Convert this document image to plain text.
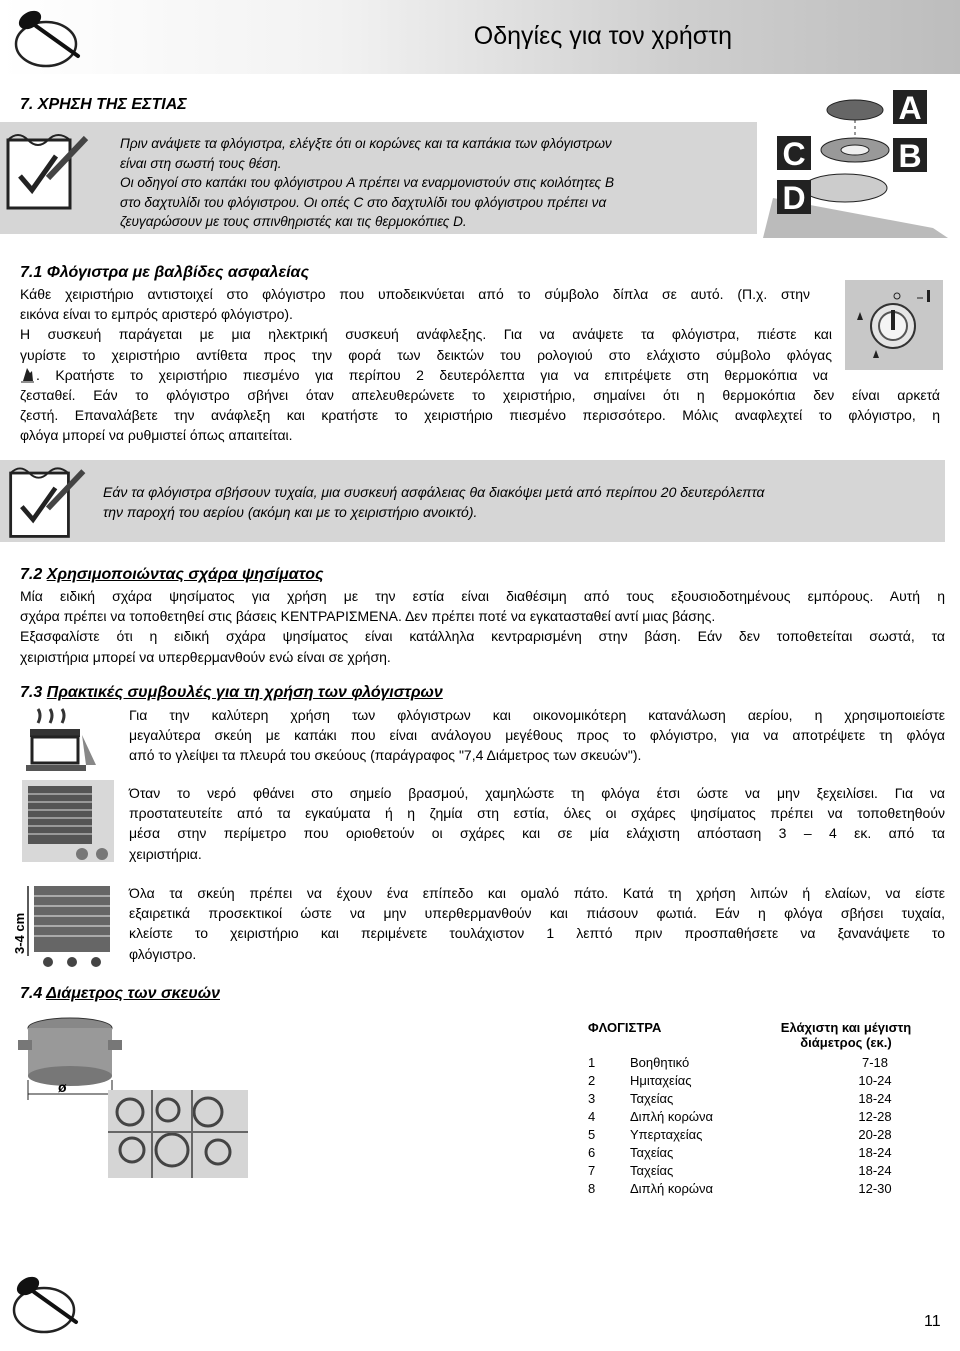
Οδηγίες για τον χρήστη
7. ΧΡΗΣΗ ΤΗΣ ΕΣΤΙΑΣ
Πριν ανάψετε τα φλόγιστρα, ελέγξτε ότι οι κορώνες και τα καπάκια των φλόγιστρων
είναι στη σωστή τους θέση.
Οι οδηγοί στο καπάκι του φλόγιστρου A πρέπει να εναρμονιστούν στις κοιλότητες B
στο δαχτυλίδι του φλόγιστρου. Οι οπές C στο δαχτυλίδι του φλόγιστρου πρέπει να
ζευγαρώσουν με τους σπινθηριστές και τις θερμοκόπιες D.
A
B
C
D
7.1 Φλόγιστρα με βαλβίδες ασφαλείας
Κάθε χειριστήριο αντιστοιχεί στο φλόγιστρο που υποδεικνύεται από το σύμβολο δίπλα σε αυτό. (Π.χ. στην
εικόνα είναι το εμπρός αριστερό φλόγιστρο).
Η συσκευή παράγεται με μια ηλεκτρική συσκευή ανάφλεξης. Για να ανάψετε τα φλόγιστρα, πιέστε και
γυρίστε το χειριστήριο αντίθετα προς την φορά των δεικτών του ρολογιού στο ελάχιστο σύμβολο φλόγας
. Κρατήστε το χειριστήριο πιεσμένο για περίπου 2 δευτερόλεπτα για να επιτρέψετε στη θερμοκόπια να
ζεσταθεί. Εάν το φλόγιστρο σβήνει όταν απελευθερώνετε το χειριστήριο, σημαίνει ότι η θερμοκόπια δεν είναι αρκετά
ζεστή. Επαναλάβετε την ανάφλεξη και κρατήστε το χειριστήριο πιεσμένο περισσότερο. Μόλις αναφλεχτεί το φλόγιστρο, η
φλόγα μπορεί να ρυθμιστεί όπως απαιτείται.
Εάν τα φλόγιστρα σβήσουν τυχαία, μια συσκευή ασφάλειας θα διακόψει μετά από περίπου 20 δευτερόλεπτα
την παροχή του αερίου (ακόμη και με το χειριστήριο ανοικτό).
7.2 Χρησιμοποιώντας σχάρα ψησίματος
Μία ειδική σχάρα ψησίματος για χρήση με την εστία είναι διαθέσιμη από τους εξουσιοδοτημένους εμπόρους. Αυτή η
σχάρα πρέπει να τοποθετηθεί στις βάσεις ΚΕΝΤΡΑΡΙΣΜΕΝΑ. Δεν πρέπει ποτέ να εγκατασταθεί αντί μιας βάσης.
Εξασφαλίστε ότι η ειδική σχάρα ψησίματος είναι κατάλληλα κεντραρισμένη στην βάση. Εάν δεν τοποθετείται σωστά, τα
χειριστήρια μπορεί να υπερθερμανθούν ενώ είναι σε χρήση.
7.3 Πρακτικές συμβουλές για τη χρήση των φλόγιστρων
3-4 cm
Για την καλύτερη χρήση των φλόγιστρων και οικονομικότερη κατανάλωση αερίου, η χρησιμοποιείστε
μεγαλύτερα σκεύη με καπάκι που είναι ανάλογου μεγέθους προς το φλόγιστρο, για να αποτρέψετε τη φλόγα
από το γλείψει τα πλευρά του σκεύους (παράγραφος "7,4 Διάμετρος των σκευών").
Όταν το νερό φθάνει στο σημείο βρασμού, χαμηλώστε τη φλόγα έτσι ώστε να μην ξεχειλίσει. Για να
προστατευτείτε από τα εγκαύματα ή η ζημία στη εστία, όλες οι σχάρες ψησίματος πρέπει να τοποθετηθούν
μέσα στην περίμετρο που οριοθετούν οι σχάρες και σε μία ελάχιστη απόσταση 3 – 4 εκ. από τα
χειριστήρια.
Όλα τα σκεύη πρέπει να έχουν ένα επίπεδο και ομαλό πάτο. Κατά τη χρήση λιπών ή ελαίων, να είστε
εξαιρετικά προσεκτικοί ώστε να μην υπερθερμανθούν και πιάσουν φωτιά. Εάν η φλόγα σβήσει τυχαία,
κλείστε το χειριστήριο και περιμένετε τουλάχιστον 1 λεπτό πριν προσπαθήσετε να ξανανάψετε το
φλόγιστρο.
7.4 Διάμετρος των σκευών
ø
ΦΛΟΓΙΣΤΡΑ	Ελάχιστη και μέγιστη
διάμετρος (εκ.)
1	Βοηθητικό	7-18
2	Ημιταχείας	10-24
3	Ταχείας	18-24
4	Διπλή κορώνα	12-28
5	Υπερταχείας	20-28
6	Ταχείας	18-24
7	Ταχείας	18-24
8	Διπλή κορώνα	12-30
11
